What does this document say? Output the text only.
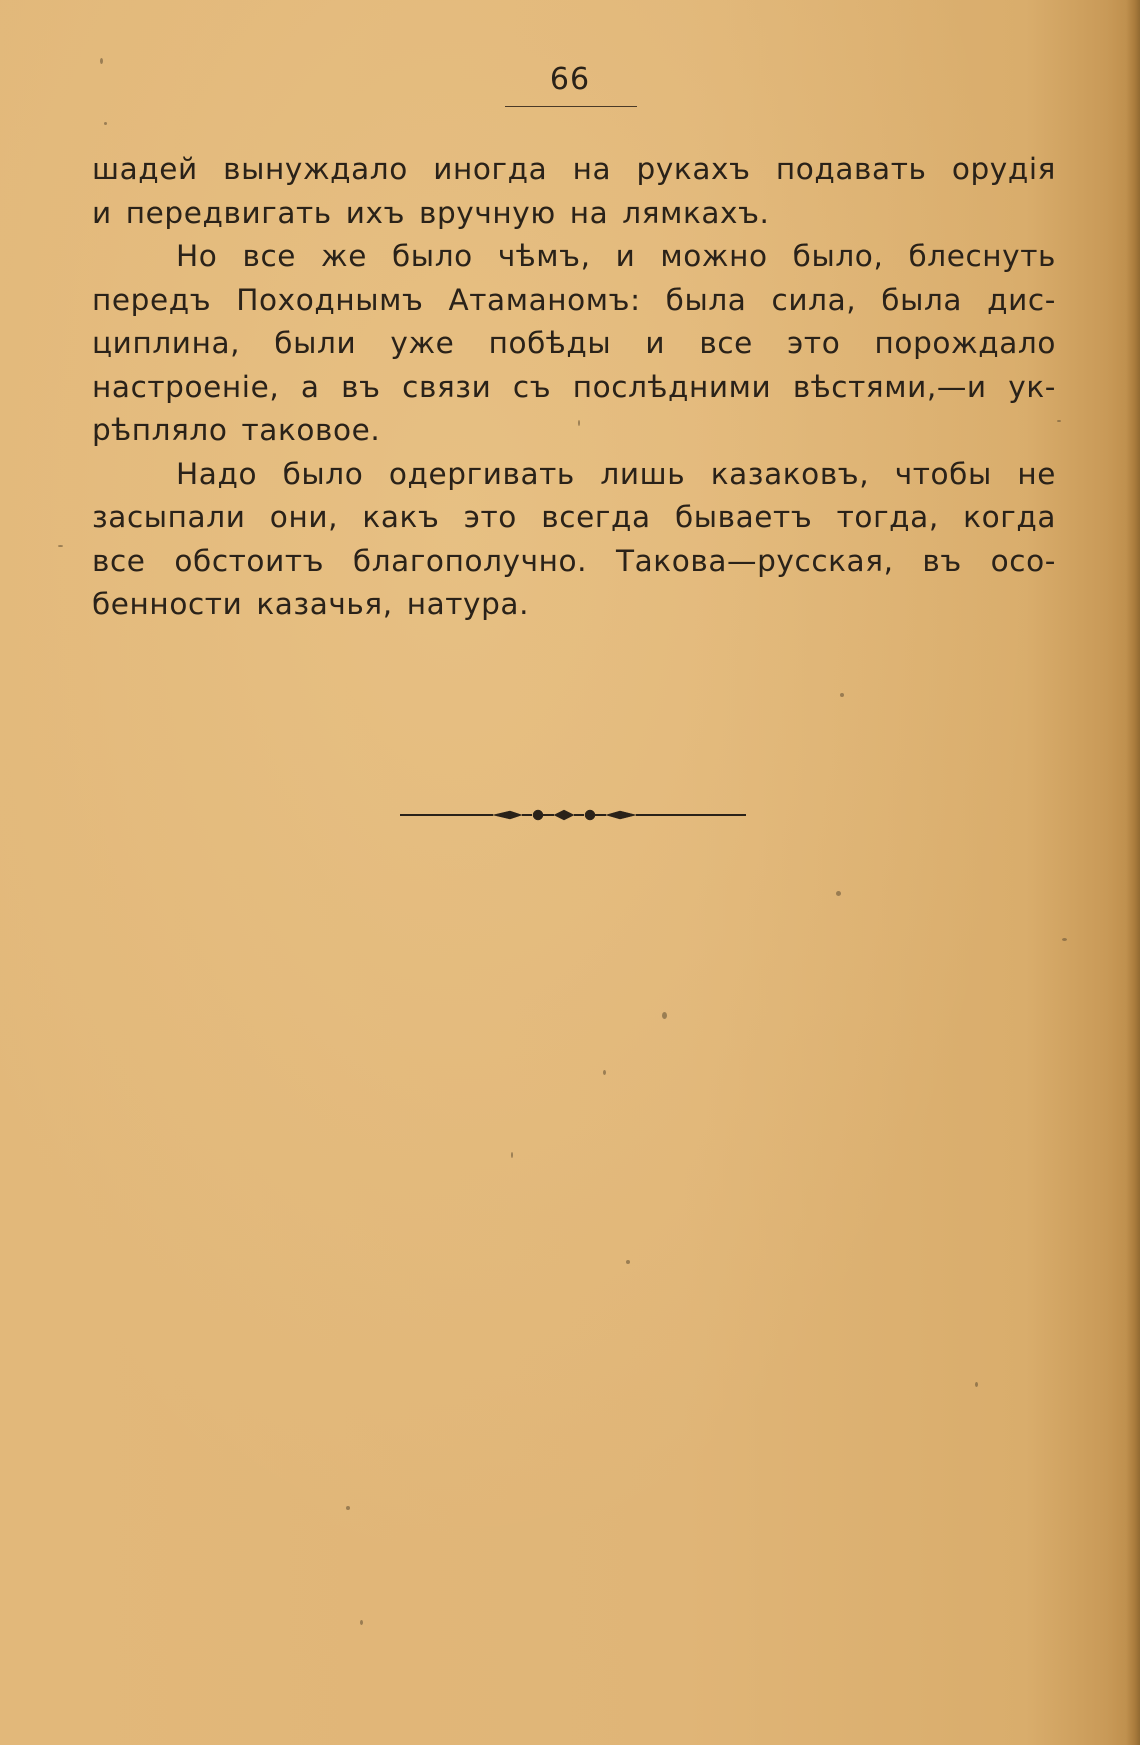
66

шадей вынуждало иногда на рукахъ подавать орудія
и передвигать ихъ вручную на лямкахъ.

Но все же было чѣмъ, и можно было, блеснуть
передъ Походнымъ Атаманомъ: была сила, была дис-
циплина, были уже побѣды и все это порождало
настроеніе, а въ связи съ послѣдними вѣстями,—и ук-
рѣпляло таковое.

Надо было одергивать лишь казаковъ, чтобы не
засыпали они, какъ это всегда бываетъ тогда, когда
все обстоитъ благополучно. Такова—русская, въ осо-
бенности казачья, натура.
